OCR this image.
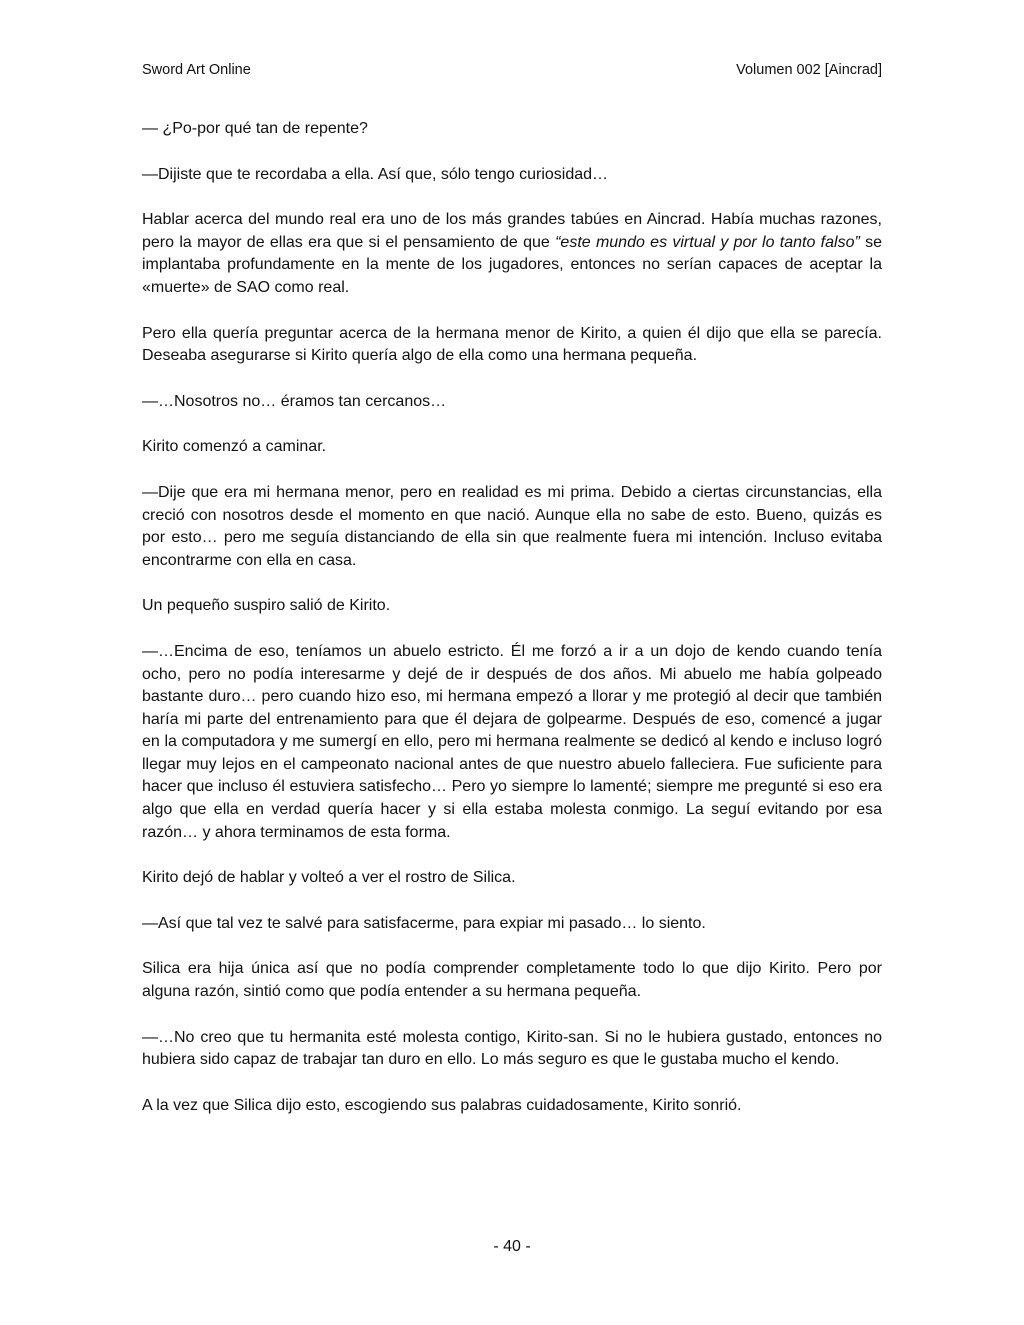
Sword Art Online	Volumen 002 [Aincrad]

— ¿Po-por qué tan de repente?

—Dijiste que te recordaba a ella. Así que, sólo tengo curiosidad…

Hablar acerca del mundo real era uno de los más grandes tabúes en Aincrad. Había muchas razones, pero la mayor de ellas era que si el pensamiento de que “este mundo es virtual y por lo tanto falso” se implantaba profundamente en la mente de los jugadores, entonces no serían capaces de aceptar la «muerte» de SAO como real.

Pero ella quería preguntar acerca de la hermana menor de Kirito, a quien él dijo que ella se parecía. Deseaba asegurarse si Kirito quería algo de ella como una hermana pequeña.

—…Nosotros no… éramos tan cercanos…

Kirito comenzó a caminar.

—Dije que era mi hermana menor, pero en realidad es mi prima. Debido a ciertas circunstancias, ella creció con nosotros desde el momento en que nació. Aunque ella no sabe de esto. Bueno, quizás es por esto… pero me seguía distanciando de ella sin que realmente fuera mi intención. Incluso evitaba encontrarme con ella en casa.

Un pequeño suspiro salió de Kirito.

—…Encima de eso, teníamos un abuelo estricto. Él me forzó a ir a un dojo de kendo cuando tenía ocho, pero no podía interesarme y dejé de ir después de dos años. Mi abuelo me había golpeado bastante duro… pero cuando hizo eso, mi hermana empezó a llorar y me protegió al decir que también haría mi parte del entrenamiento para que él dejara de golpearme. Después de eso, comencé a jugar en la computadora y me sumergí en ello, pero mi hermana realmente se dedicó al kendo e incluso logró llegar muy lejos en el campeonato nacional antes de que nuestro abuelo falleciera. Fue suficiente para hacer que incluso él estuviera satisfecho… Pero yo siempre lo lamenté; siempre me pregunté si eso era algo que ella en verdad quería hacer y si ella estaba molesta conmigo. La seguí evitando por esa razón… y ahora terminamos de esta forma.

Kirito dejó de hablar y volteó a ver el rostro de Silica.

—Así que tal vez te salvé para satisfacerme, para expiar mi pasado… lo siento.

Silica era hija única así que no podía comprender completamente todo lo que dijo Kirito. Pero por alguna razón, sintió como que podía entender a su hermana pequeña.

—…No creo que tu hermanita esté molesta contigo, Kirito-san. Si no le hubiera gustado, entonces no hubiera sido capaz de trabajar tan duro en ello. Lo más seguro es que le gustaba mucho el kendo.

A la vez que Silica dijo esto, escogiendo sus palabras cuidadosamente, Kirito sonrió.

- 40 -
